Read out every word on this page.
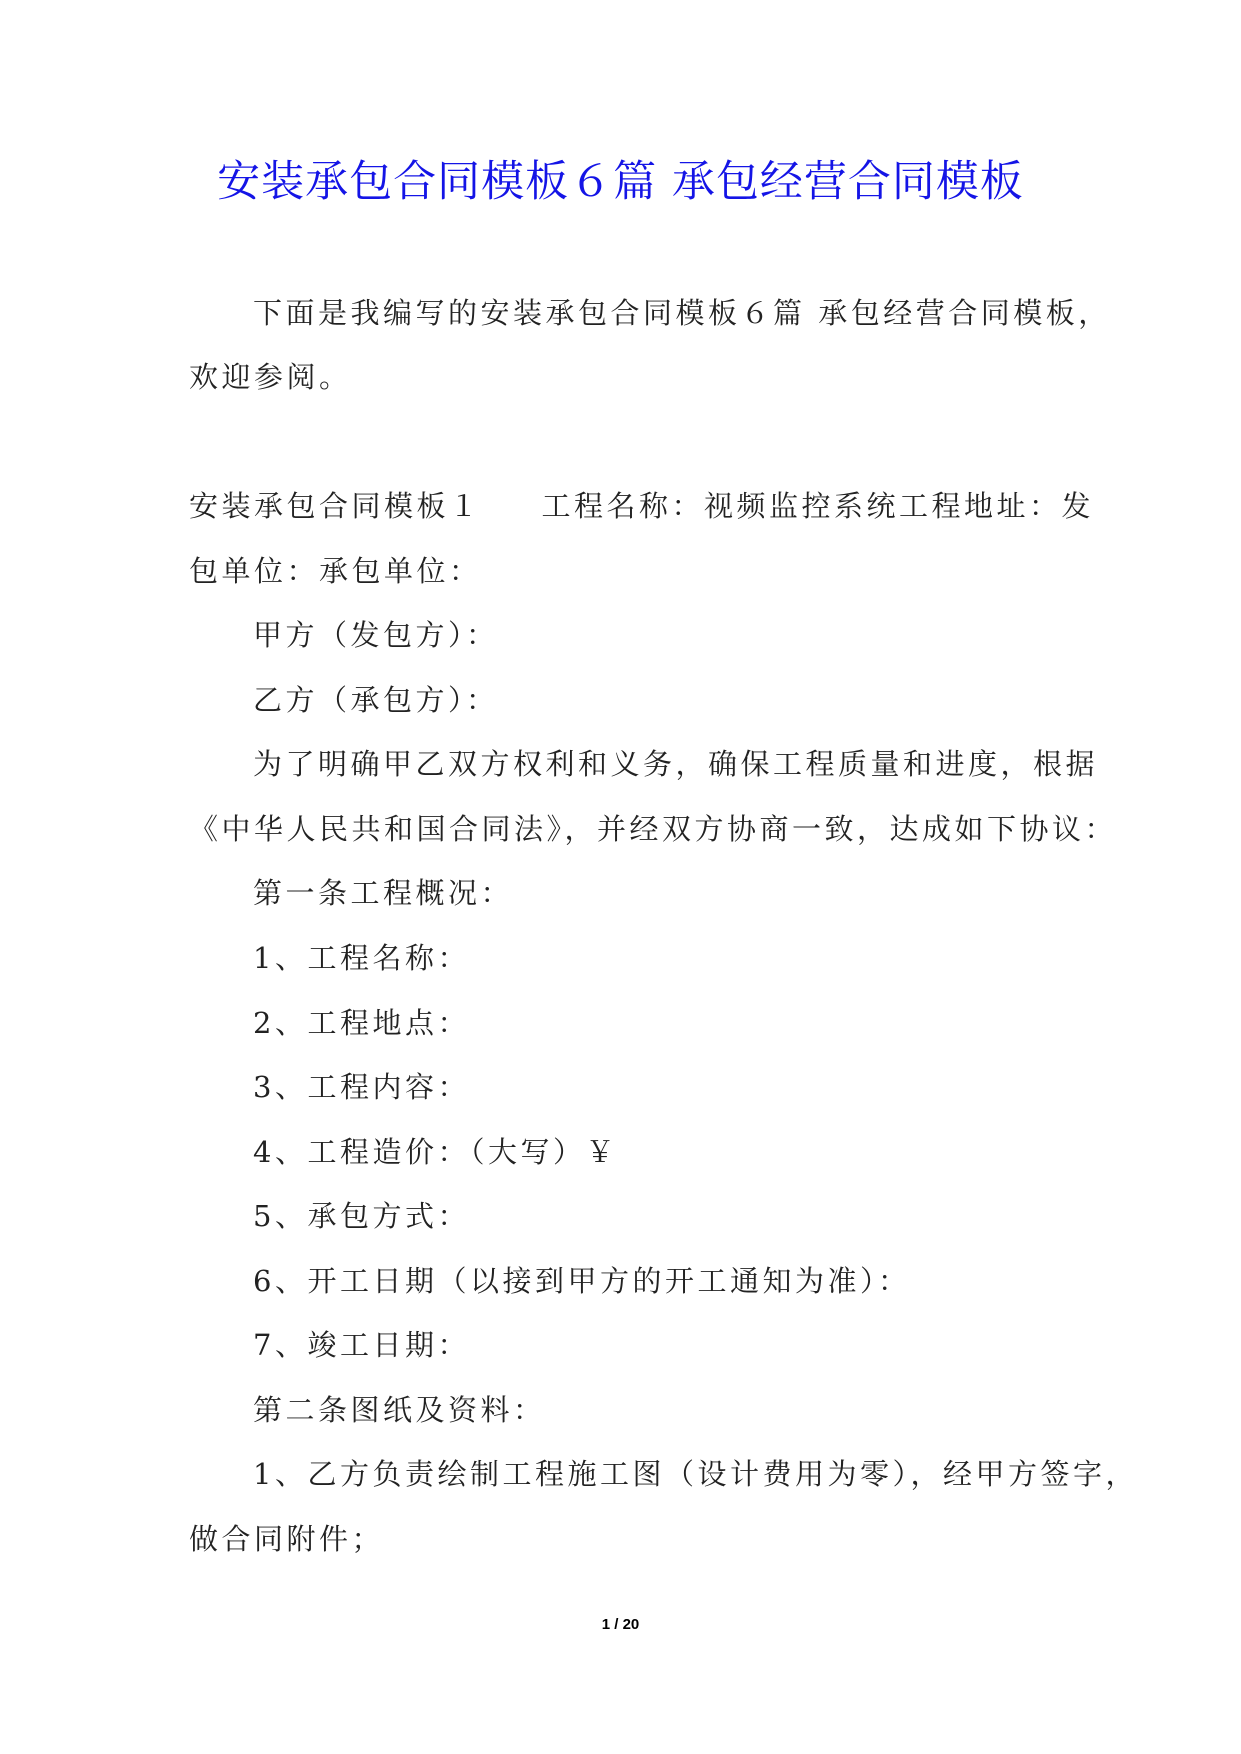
安装承包合同模板６篇 承包经营合同模板
下面是我编写的安装承包合同模板６篇 承包经营合同模板，
欢迎参阅。
安装承包合同模板１ 工程名称：视频监控系统工程地址：发
包单位：承包单位：
甲方（发包方）：
乙方（承包方）：
为了明确甲乙双方权利和义务，确保工程质量和进度，根据
《中华人民共和国合同法》，并经双方协商一致，达成如下协议：
第一条工程概况：
1、工程名称：
2、工程地点：
3、工程内容：
4、工程造价：（大写）￥
5、承包方式：
6、开工日期（以接到甲方的开工通知为准）：
7、竣工日期：
第二条图纸及资料：
1、乙方负责绘制工程施工图（设计费用为零），经甲方签字，
做合同附件；
1 / 20
